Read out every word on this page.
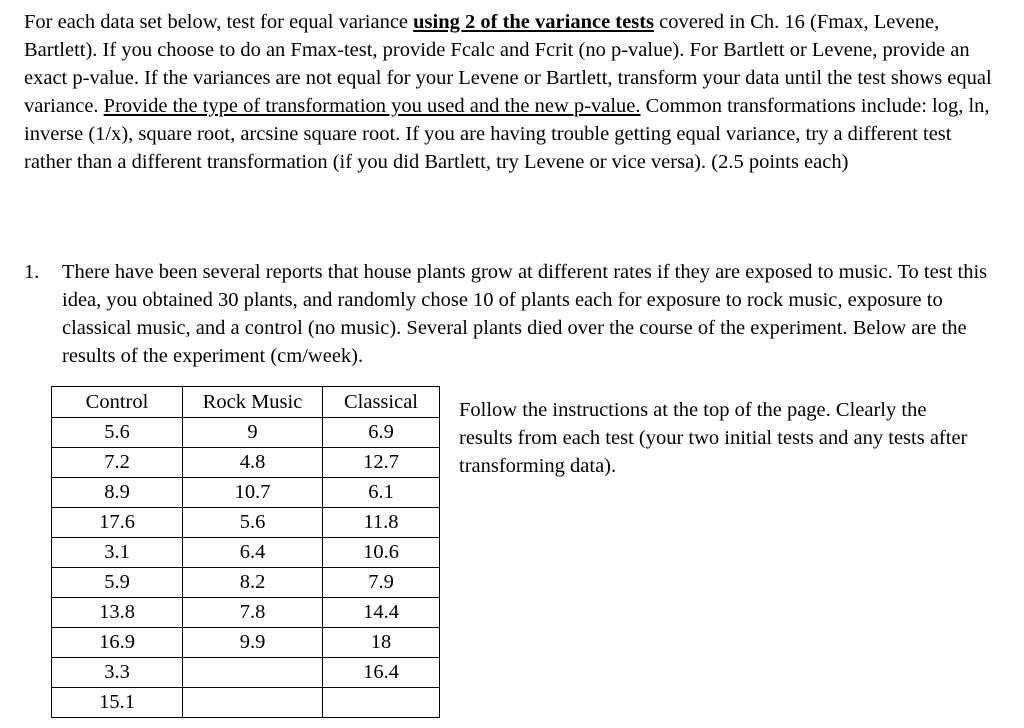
For each data set below, test for equal variance using 2 of the variance tests covered in Ch. 16 (Fmax, Levene, Bartlett). If you choose to do an Fmax-test, provide Fcalc and Fcrit (no p-value). For Bartlett or Levene, provide an exact p-value. If the variances are not equal for your Levene or Bartlett, transform your data until the test shows equal variance. Provide the type of transformation you used and the new p-value. Common transformations include: log, ln, inverse (1/x), square root, arcsine square root. If you are having trouble getting equal variance, try a different test rather than a different transformation (if you did Bartlett, try Levene or vice versa). (2.5 points each)

1.	There have been several reports that house plants grow at different rates if they are exposed to music. To test this idea, you obtained 30 plants, and randomly chose 10 of plants each for exposure to rock music, exposure to classical music, and a control (no music). Several plants died over the course of the experiment. Below are the results of the experiment (cm/week).
Control	Rock Music	Classical
5.6	9	6.9
7.2	4.8	12.7
8.9	10.7	6.1
17.6	5.6	11.8
3.1	6.4	10.6
5.9	8.2	7.9
13.8	7.8	14.4
16.9	9.9	18
3.3		16.4
15.1		

Follow the instructions at the top of the page. Clearly the results from each test (your two initial tests and any tests after transforming data).
